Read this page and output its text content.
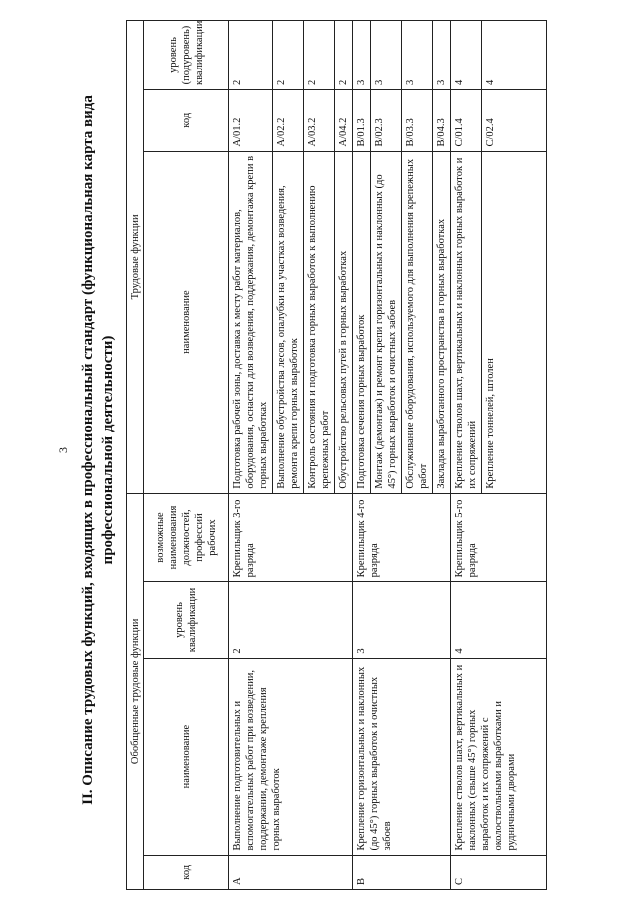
3 II. Описание трудовых функций, входящих в профессиональный стандарт (функциональная карта вида профессиональной деятельности)
Обобщенные трудовые функции				Трудовые функции		
код	наименование	уровень квалификации	возможные наименования должностей, профессий рабочих	наименование	код	уровень (подуровень) квалификации
A	Выполнение подготовительных и вспомогательных работ при возведении, поддержании, демонтаже крепления горных выработок	2	Крепильщик 3-го разряда	Подготовка рабочей зоны, доставка к месту работ материалов, оборудования, оснастки для возведения, поддержания, демонтажа крепи в горных выработках	A/01.2	2
				Выполнение обустройства лесов, опалубки на участках возведения, ремонта крепи горных выработок	A/02.2	2
				Контроль состояния и подготовка горных выработок к выполнению крепежных работ	A/03.2	2
				Обустройство рельсовых путей в горных выработках	A/04.2	2
B	Крепление горизонтальных и наклонных (до 45°) горных выработок и очистных забоев	3	Крепильщик 4-го разряда	Подготовка сечения горных выработок	B/01.3	3
				Монтаж (демонтаж) и ремонт крепи горизонтальных и наклонных (до 45°) горных выработок и очистных забоев	B/02.3	3
				Обслуживание оборудования, используемого для выполнения крепежных работ	B/03.3	3
				Закладка выработанного пространства в горных выработках	B/04.3	3
C	Крепление стволов шахт, вертикальных и наклонных (свыше 45°) горных выработок и их сопряжений с околоствольными выработками и рудничными дворами	4	Крепильщик 5-го разряда	Крепление стволов шахт, вертикальных и наклонных горных выработок и их сопряжений	C/01.4	4
				Крепление тоннелей, штолен	C/02.4	4
